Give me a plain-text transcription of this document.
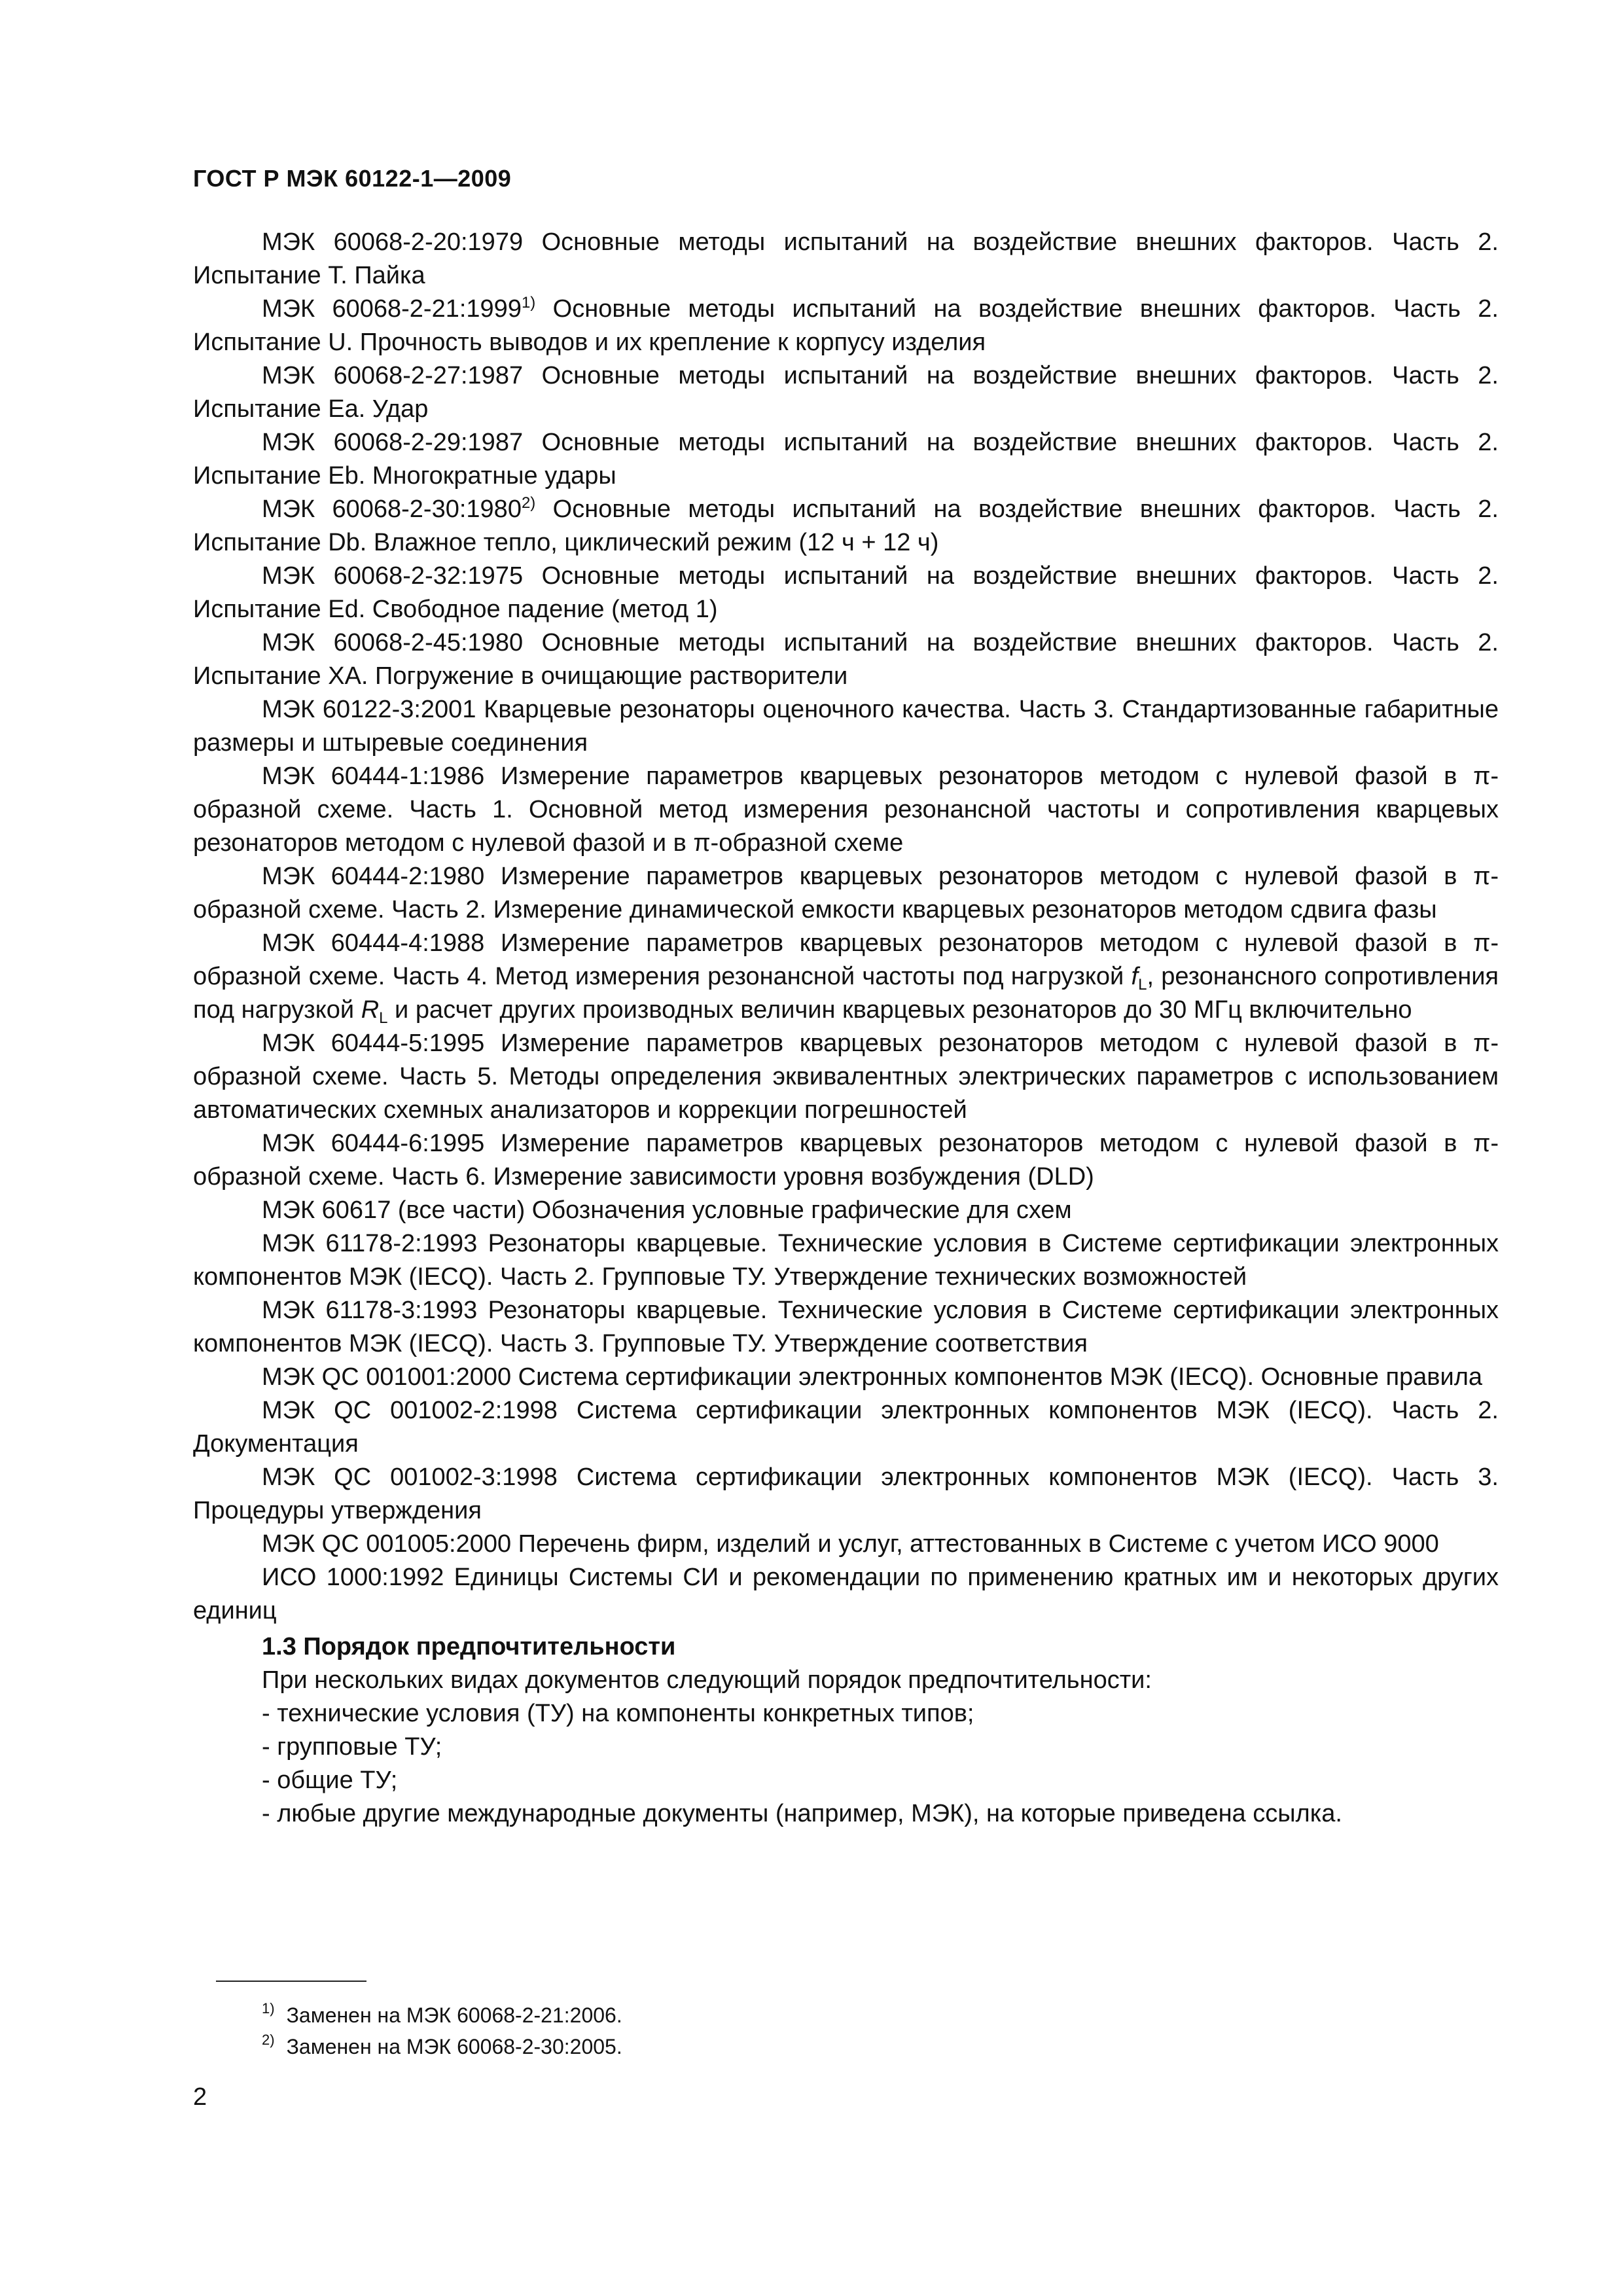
ГОСТ Р МЭК 60122-1—2009

МЭК 60068-2-20:1979 Основные методы испытаний на воздействие внешних факторов. Часть 2. Испытание Т. Пайка

МЭК 60068-2-21:1999$^{1)}$ Основные методы испытаний на воздействие внешних факторов. Часть 2. Испытание U. Прочность выводов и их крепление к корпусу изделия

МЭК 60068-2-27:1987 Основные методы испытаний на воздействие внешних факторов. Часть 2. Испытание Ea. Удар

МЭК 60068-2-29:1987 Основные методы испытаний на воздействие внешних факторов. Часть 2. Испытание Eb. Многократные удары

МЭК 60068-2-30:1980$^{2)}$ Основные методы испытаний на воздействие внешних факторов. Часть 2. Испытание Db. Влажное тепло, циклический режим (12 ч + 12 ч)

МЭК 60068-2-32:1975 Основные методы испытаний на воздействие внешних факторов. Часть 2. Испытание Ed. Свободное падение (метод 1)

МЭК 60068-2-45:1980 Основные методы испытаний на воздействие внешних факторов. Часть 2. Испытание XA. Погружение в очищающие растворители

МЭК 60122-3:2001 Кварцевые резонаторы оценочного качества. Часть 3. Стандартизованные габаритные размеры и штыревые соединения

МЭК 60444-1:1986 Измерение параметров кварцевых резонаторов методом с нулевой фазой в π-образной схеме. Часть 1. Основной метод измерения резонансной частоты и сопротивления кварцевых резонаторов методом с нулевой фазой и в π-образной схеме

МЭК 60444-2:1980 Измерение параметров кварцевых резонаторов методом с нулевой фазой в π-образной схеме. Часть 2. Измерение динамической емкости кварцевых резонаторов методом сдвига фазы

МЭК 60444-4:1988 Измерение параметров кварцевых резонаторов методом с нулевой фазой в π-образной схеме. Часть 4. Метод измерения резонансной частоты под нагрузкой $f_L$, резонансного сопротивления под нагрузкой $R_L$ и расчет других производных величин кварцевых резонаторов до 30 МГц включительно

МЭК 60444-5:1995 Измерение параметров кварцевых резонаторов методом с нулевой фазой в π-образной схеме. Часть 5. Методы определения эквивалентных электрических параметров с использованием автоматических схемных анализаторов и коррекции погрешностей

МЭК 60444-6:1995 Измерение параметров кварцевых резонаторов методом с нулевой фазой в π-образной схеме. Часть 6. Измерение зависимости уровня возбуждения (DLD)

МЭК 60617 (все части) Обозначения условные графические для схем

МЭК 61178-2:1993 Резонаторы кварцевые. Технические условия в Системе сертификации электронных компонентов МЭК (IECQ). Часть 2. Групповые ТУ. Утверждение технических возможностей

МЭК 61178-3:1993 Резонаторы кварцевые. Технические условия в Системе сертификации электронных компонентов МЭК (IECQ). Часть 3. Групповые ТУ. Утверждение соответствия

МЭК QC 001001:2000 Система сертификации электронных компонентов МЭК (IECQ). Основные правила

МЭК QC 001002-2:1998 Система сертификации электронных компонентов МЭК (IECQ). Часть 2. Документация

МЭК QC 001002-3:1998 Система сертификации электронных компонентов МЭК (IECQ). Часть 3. Процедуры утверждения

МЭК QC 001005:2000 Перечень фирм, изделий и услуг, аттестованных в Системе с учетом ИСО 9000

ИСО 1000:1992 Единицы Системы СИ и рекомендации по применению кратных им и некоторых других единиц

1.3 Порядок предпочтительности
При нескольких видах документов следующий порядок предпочтительности:
- технические условия (ТУ) на компоненты конкретных типов;
- групповые ТУ;
- общие ТУ;
- любые другие международные документы (например, МЭК), на которые приведена ссылка.
$^{1)}$ Заменен на МЭК 60068-2-21:2006.
$^{2)}$ Заменен на МЭК 60068-2-30:2005.
2
